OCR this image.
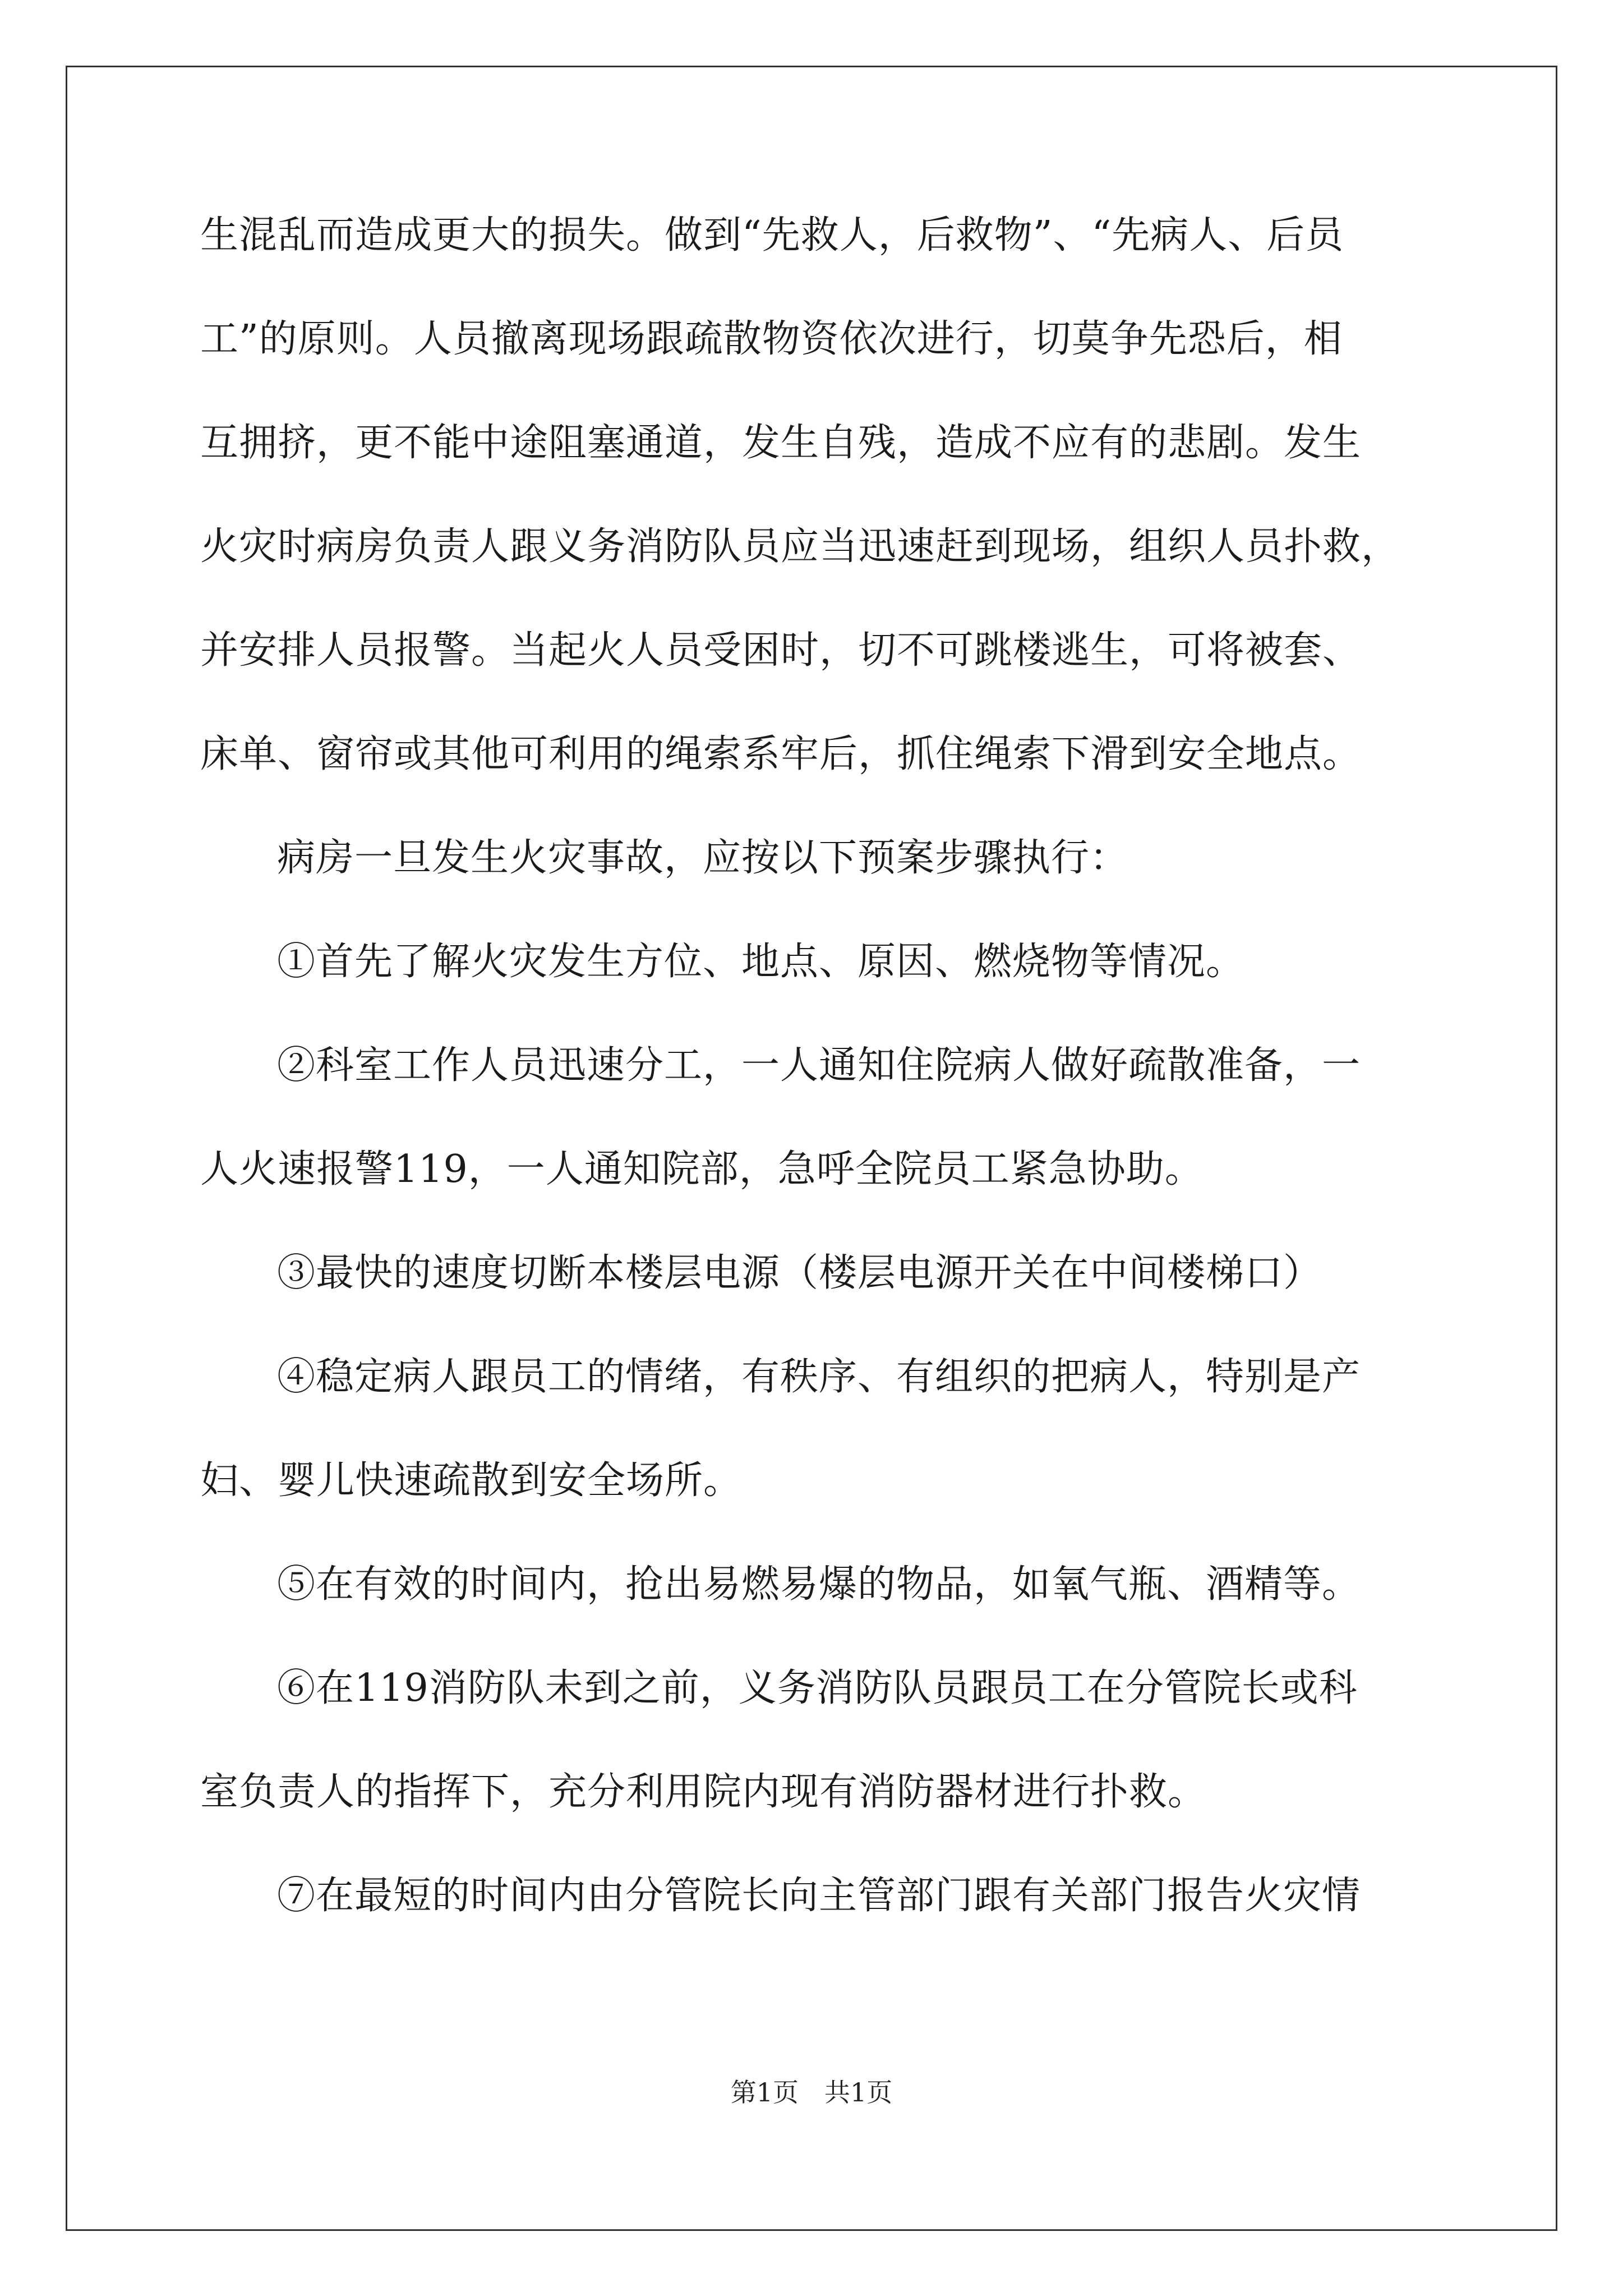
生混乱而造成更大的损失。做到“先救人，后救物”、“先病人、后员
工”的原则。人员撤离现场跟疏散物资依次进行，切莫争先恐后，相
互拥挤，更不能中途阻塞通道，发生自残，造成不应有的悲剧。发生
火灾时病房负责人跟义务消防队员应当迅速赶到现场，组织人员扑救，
并安排人员报警。当起火人员受困时，切不可跳楼逃生，可将被套、
床单、窗帘或其他可利用的绳索系牢后，抓住绳索下滑到安全地点。
病房一旦发生火灾事故，应按以下预案步骤执行：
①首先了解火灾发生方位、地点、原因、燃烧物等情况。
②科室工作人员迅速分工，一人通知住院病人做好疏散准备，一
人火速报警119，一人通知院部，急呼全院员工紧急协助。
③最快的速度切断本楼层电源（楼层电源开关在中间楼梯口）
④稳定病人跟员工的情绪，有秩序、有组织的把病人，特别是产
妇、婴儿快速疏散到安全场所。
⑤在有效的时间内，抢出易燃易爆的物品，如氧气瓶、酒精等。
⑥在119消防队未到之前，义务消防队员跟员工在分管院长或科
室负责人的指挥下，充分利用院内现有消防器材进行扑救。
⑦在最短的时间内由分管院长向主管部门跟有关部门报告火灾情
第1页　共1页
